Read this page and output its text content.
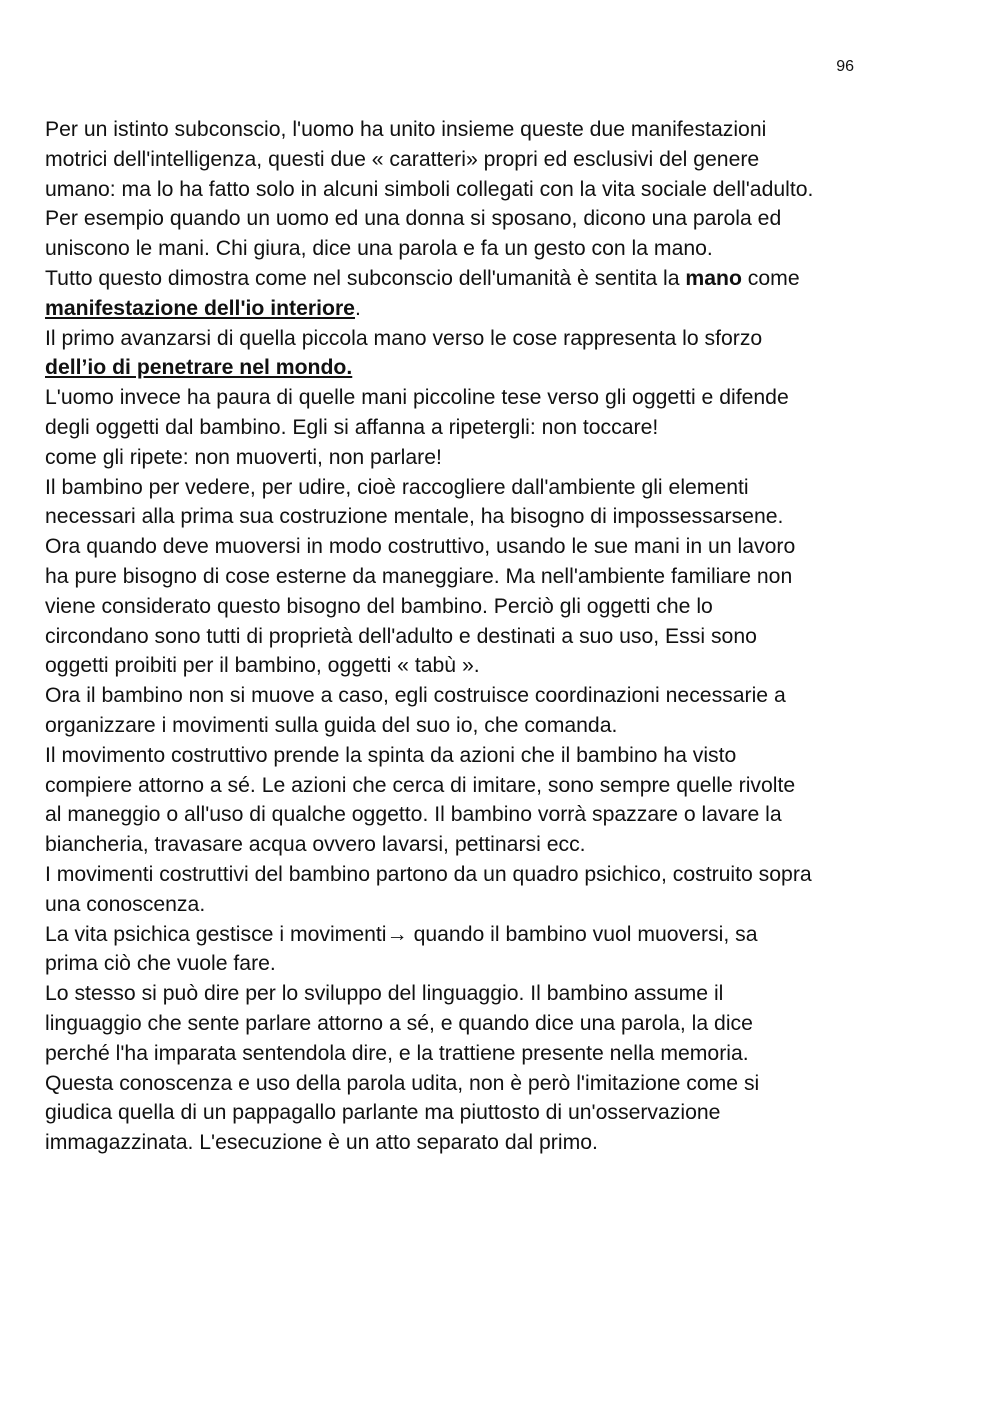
96
Per un istinto subconscio, l'uomo ha unito insieme queste due manifestazioni
motrici dell'intelligenza, questi due « caratteri» propri ed esclusivi del genere
umano: ma lo ha fatto solo in alcuni simboli collegati con la vita sociale dell'adulto.
Per esempio quando un uomo ed una donna si sposano, dicono una parola ed
uniscono le mani. Chi giura, dice una parola e fa un gesto con la mano.
Tutto questo dimostra come nel subconscio dell'umanità è sentita la mano come
manifestazione dell'io interiore.
Il primo avanzarsi di quella piccola mano verso le cose rappresenta lo sforzo
dell’io di penetrare nel mondo.
L'uomo invece ha paura di quelle mani piccoline tese verso gli oggetti e difende
degli oggetti dal bambino. Egli si affanna a ripetergli: non toccare!
come gli ripete: non muoverti, non parlare!
Il bambino per vedere, per udire, cioè raccogliere dall'ambiente gli elementi
necessari alla prima sua costruzione mentale, ha bisogno di impossessarsene.
Ora quando deve muoversi in modo costruttivo, usando le sue mani in un lavoro
ha pure bisogno di cose esterne da maneggiare. Ma nell'ambiente familiare non
viene considerato questo bisogno del bambino. Perciò gli oggetti che lo
circondano sono tutti di proprietà dell'adulto e destinati a suo uso, Essi sono
oggetti proibiti per il bambino, oggetti « tabù ».
Ora il bambino non si muove a caso, egli costruisce coordinazioni necessarie a
organizzare i movimenti sulla guida del suo io, che comanda.
Il movimento costruttivo prende la spinta da azioni che il bambino ha visto
compiere attorno a sé. Le azioni che cerca di imitare, sono sempre quelle rivolte
al maneggio o all'uso di qualche oggetto. Il bambino vorrà spazzare o lavare la
biancheria, travasare acqua ovvero lavarsi, pettinarsi ecc.
I movimenti costruttivi del bambino partono da un quadro psichico, costruito sopra
una conoscenza.
La vita psichica gestisce i movimenti→ quando il bambino vuol muoversi, sa
prima ciò che vuole fare.
Lo stesso si può dire per lo sviluppo del linguaggio. Il bambino assume il
linguaggio che sente parlare attorno a sé, e quando dice una parola, la dice
perché l'ha imparata sentendola dire, e la trattiene presente nella memoria.
Questa conoscenza e uso della parola udita, non è però l'imitazione come si
giudica quella di un pappagallo parlante ma piuttosto di un'osservazione
immagazzinata. L'esecuzione è un atto separato dal primo.
